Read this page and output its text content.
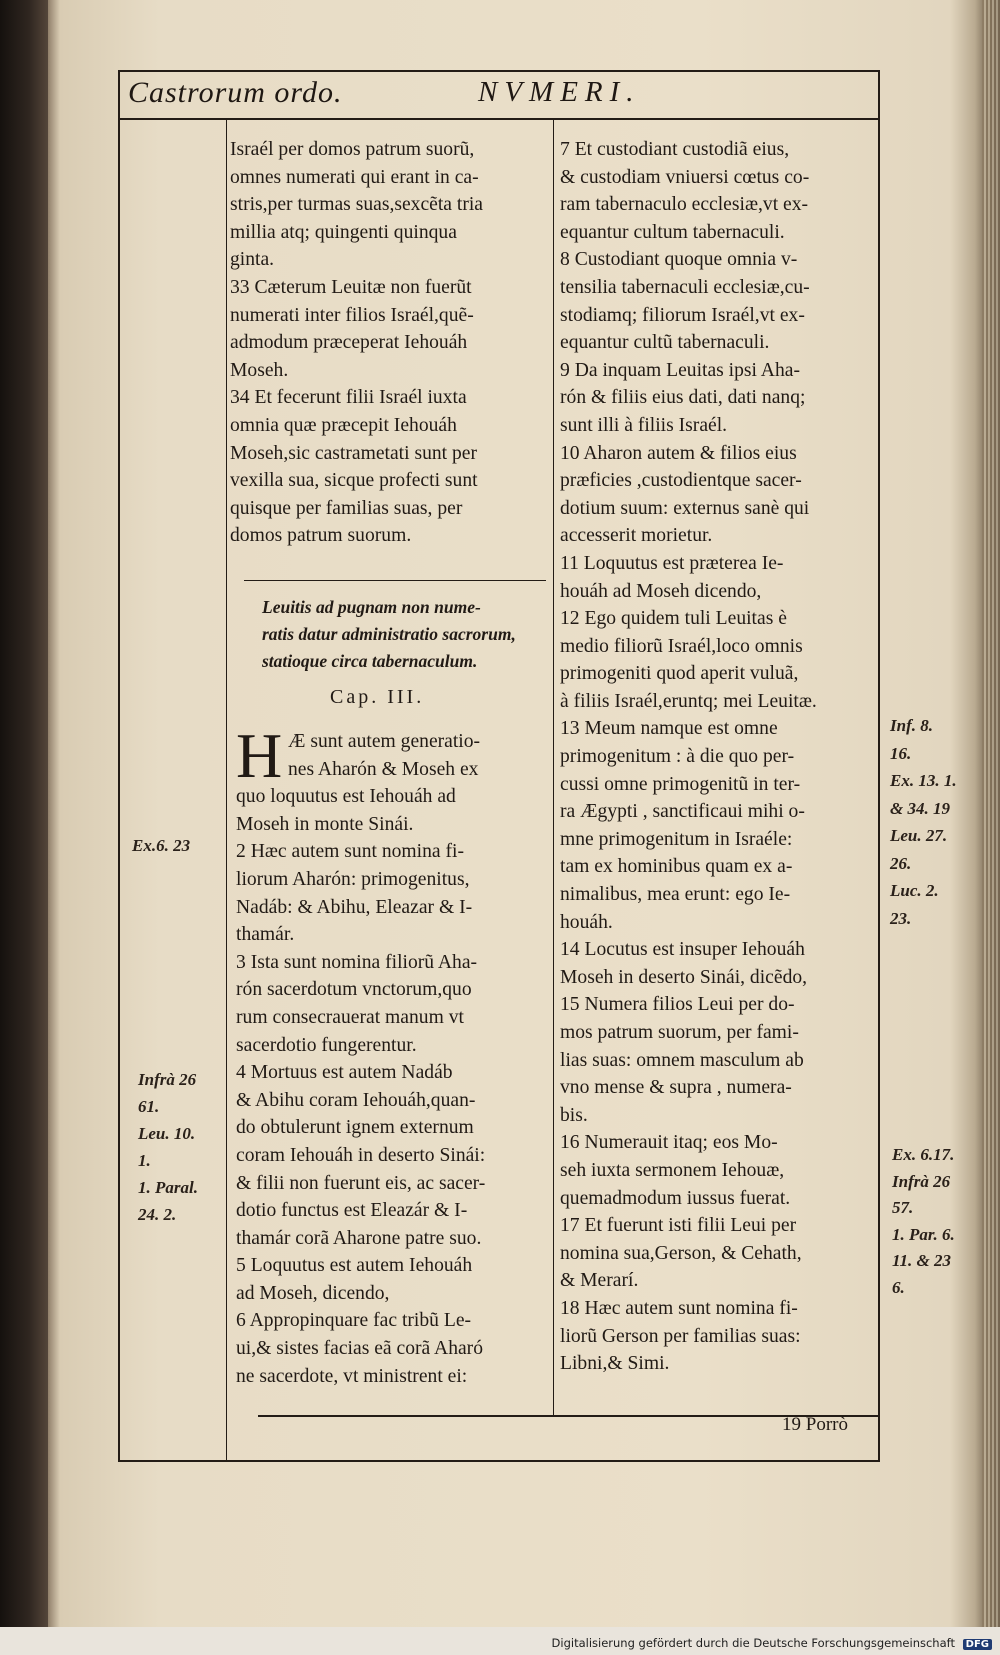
Castrorum ordo.	NVMERI.

Israél per domos patrum suorũ,

omnes numerati qui erant in ca-

stris,per turmas suas,sexcẽta tria

millia atq; quingenti quinqua

ginta.

33 Cæterum Leuitæ non fuerũt

numerati inter filios Israél,quẽ-

admodum præceperat Iehouáh

Moseh.

34 Et fecerunt filii Israél iuxta

omnia quæ præcepit Iehouáh

Moseh,sic castrametati sunt per

vexilla sua, sicque profecti sunt

quisque per familias suas, per

domos patrum suorum.

Leuitis ad pugnam non nume-

ratis datur administratio sacrorum,

statioque circa tabernaculum.

Cap. III.
H Æ sunt autem generatio-

nes Aharón & Moseh ex

quo loquutus est Iehouáh ad

Moseh in monte Sinái.

2 Hæc autem sunt nomina fi-

liorum Aharón: primogenitus,

Nadáb: & Abihu, Eleazar & I-

thamár.

3 Ista sunt nomina filiorũ Aha-

rón sacerdotum vnctorum,quo

rum consecrauerat manum vt

sacerdotio fungerentur.

4 Mortuus est autem Nadáb

& Abihu coram Iehouáh,quan-

do obtulerunt ignem externum

coram Iehouáh in deserto Sinái:

& filii non fuerunt eis, ac sacer-

dotio functus est Eleazár & I-

thamár corã Aharone patre suo.

5 Loquutus est autem Iehouáh

ad Moseh, dicendo,

6 Appropinquare fac tribũ Le-

ui,& sistes facias eã corã Aharó

ne sacerdote, vt ministrent ei:

7 Et custodiant custodiã eius,

& custodiam vniuersi cœtus co-

ram tabernaculo ecclesiæ,vt ex-

equantur cultum tabernaculi.

8 Custodiant quoque omnia v-

tensilia tabernaculi ecclesiæ,cu-

stodiamq; filiorum Israél,vt ex-

equantur cultũ tabernaculi.

9 Da inquam Leuitas ipsi Aha-

rón & filiis eius dati, dati nanq;

sunt illi à filiis Israél.

10 Aharon autem & filios eius

præficies ,custodientque sacer-

dotium suum: externus sanè qui

accesserit morietur.

11 Loquutus est præterea Ie-

houáh ad Moseh dicendo,

12 Ego quidem tuli Leuitas è

medio filiorũ Israél,loco omnis

primogeniti quod aperit vuluã,

à filiis Israél,eruntq; mei Leuitæ.

13 Meum namque est omne

primogenitum : à die quo per-

cussi omne primogenitũ in ter-

ra Ægypti , sanctificaui mihi o-

mne primogenitum in Israéle:

tam ex hominibus quam ex a-

nimalibus, mea erunt: ego Ie-

houáh.

14 Locutus est insuper Iehouáh

Moseh in deserto Sinái, dicẽdo,

15 Numera filios Leui per do-

mos patrum suorum, per fami-

lias suas: omnem masculum ab

vno mense & supra , numera-

bis.

16 Numerauit itaq; eos Mo-

seh iuxta sermonem Iehouæ,

quemadmodum iussus fuerat.

17 Et fuerunt isti filii Leui per

nomina sua,Gerson, & Cehath,

& Merarí.

18 Hæc autem sunt nomina fi-

liorũ Gerson per familias suas:

Libni,& Simi.

Ex.6. 23

Infrà 26

61.

Leu. 10.

1.

1. Paral.

24. 2.

Inf. 8.

16.

Ex. 13. 1.

& 34. 19

Leu. 27.

26.

Luc. 2.

23.

Ex. 6.17.

Infrà 26

57.

1. Par. 6.

11. & 23

6.

19 Porrò
Digitalisierung gefördert durch die Deutsche Forschungsgemeinschaft DFG
